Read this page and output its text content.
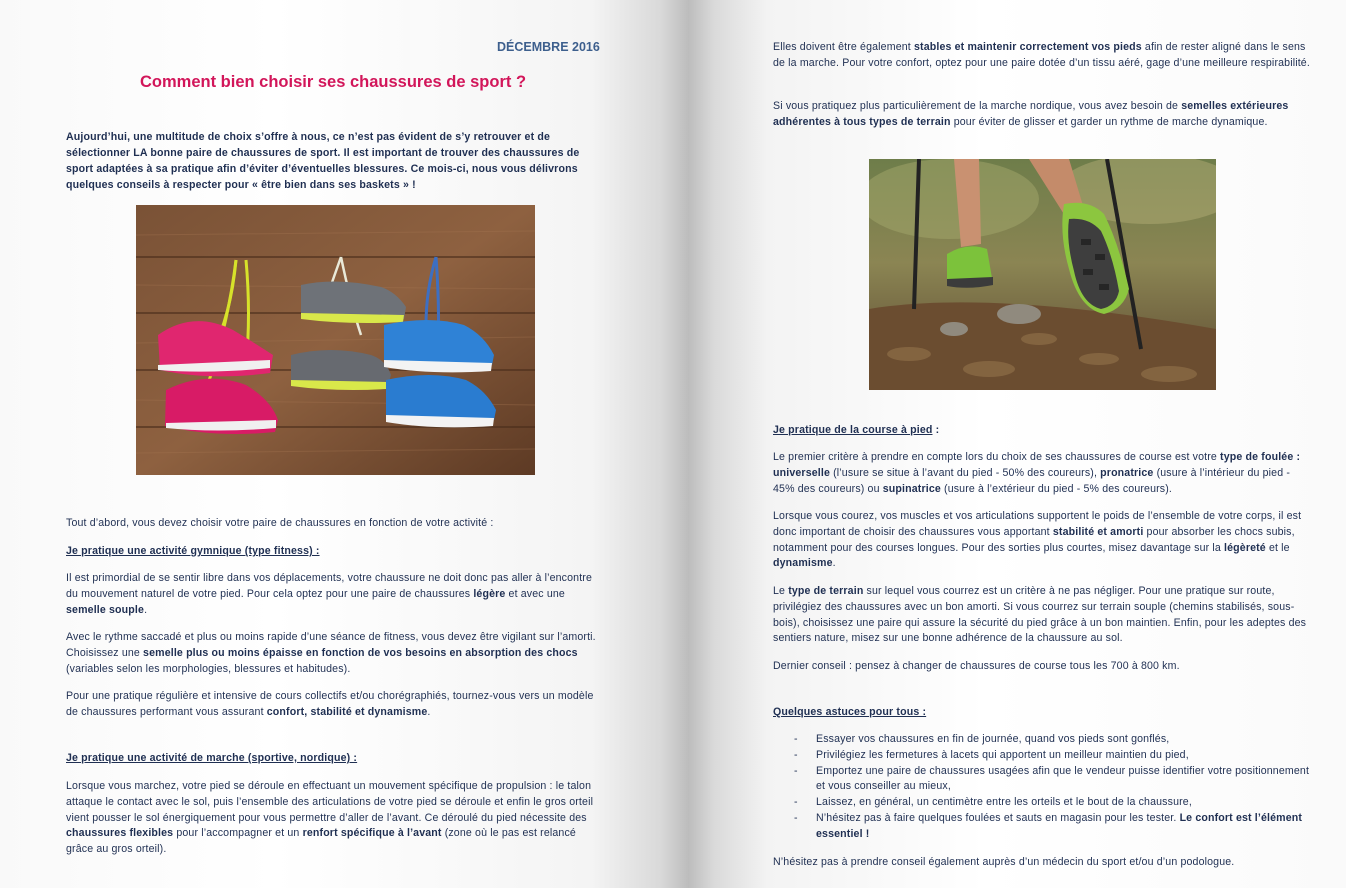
DÉCEMBRE 2016
Comment bien choisir ses chaussures de sport ?

Aujourd’hui, une multitude de choix s’offre à nous, ce n’est pas évident de s’y retrouver et de sélectionner LA bonne paire de chaussures de sport. Il est important de trouver des chaussures de sport adaptées à sa pratique afin d’éviter d’éventuelles blessures. Ce mois-ci, nous vous délivrons quelques conseils à respecter pour « être bien dans ses baskets » !

Tout d’abord, vous devez choisir votre paire de chaussures en fonction de votre activité :

Je pratique une activité gymnique (type fitness) :

Il est primordial de se sentir libre dans vos déplacements, votre chaussure ne doit donc pas aller à l’encontre du mouvement naturel de votre pied. Pour cela optez pour une paire de chaussures légère et avec une semelle souple.

Avec le rythme saccadé et plus ou moins rapide d’une séance de fitness, vous devez être vigilant sur l’amorti. Choisissez une semelle plus ou moins épaisse en fonction de vos besoins en absorption des chocs (variables selon les morphologies, blessures et habitudes).

Pour une pratique régulière et intensive de cours collectifs et/ou chorégraphiés, tournez-vous vers un modèle de chaussures performant vous assurant confort, stabilité et dynamisme.

Je pratique une activité de marche (sportive, nordique) :

Lorsque vous marchez, votre pied se déroule en effectuant un mouvement spécifique de propulsion : le talon attaque le contact avec le sol, puis l’ensemble des articulations de votre pied se déroule et enfin le gros orteil vient pousser le sol énergiquement pour vous permettre d’aller de l’avant. Ce déroulé du pied nécessite des chaussures flexibles pour l’accompagner et un renfort spécifique à l’avant (zone où le pas est relancé grâce au gros orteil).

Elles doivent être également stables et maintenir correctement vos pieds afin de rester aligné dans le sens de la marche. Pour votre confort, optez pour une paire dotée d’un tissu aéré, gage d’une meilleure respirabilité.

Si vous pratiquez plus particulièrement de la marche nordique, vous avez besoin de semelles extérieures adhérentes à tous types de terrain pour éviter de glisser et garder un rythme de marche dynamique.

Je pratique de la course à pied :

Le premier critère à prendre en compte lors du choix de ses chaussures de course est votre type de foulée : universelle (l’usure se situe à l’avant du pied - 50% des coureurs), pronatrice (usure à l’intérieur du pied - 45% des coureurs) ou supinatrice (usure à l’extérieur du pied - 5% des coureurs).

Lorsque vous courez, vos muscles et vos articulations supportent le poids de l’ensemble de votre corps, il est donc important de choisir des chaussures vous apportant stabilité et amorti pour absorber les chocs subis, notamment pour des courses longues. Pour des sorties plus courtes, misez davantage sur la légèreté et le dynamisme.

Le type de terrain sur lequel vous courrez est un critère à ne pas négliger. Pour une pratique sur route, privilégiez des chaussures avec un bon amorti. Si vous courrez sur terrain souple (chemins stabilisés, sous-bois), choisissez une paire qui assure la sécurité du pied grâce à un bon maintien. Enfin, pour les adeptes des sentiers nature, misez sur une bonne adhérence de la chaussure au sol.

Dernier conseil : pensez à changer de chaussures de course tous les 700 à 800 km.

Quelques astuces pour tous :

- Essayer vos chaussures en fin de journée, quand vos pieds sont gonflés,
- Privilégiez les fermetures à lacets qui apportent un meilleur maintien du pied,
- Emportez une paire de chaussures usagées afin que le vendeur puisse identifier votre positionnement et vous conseiller au mieux,
- Laissez, en général, un centimètre entre les orteils et le bout de la chaussure,
- N’hésitez pas à faire quelques foulées et sauts en magasin pour les tester. Le confort est l’élément essentiel !

N’hésitez pas à prendre conseil également auprès d’un médecin du sport et/ou d’un podologue.
